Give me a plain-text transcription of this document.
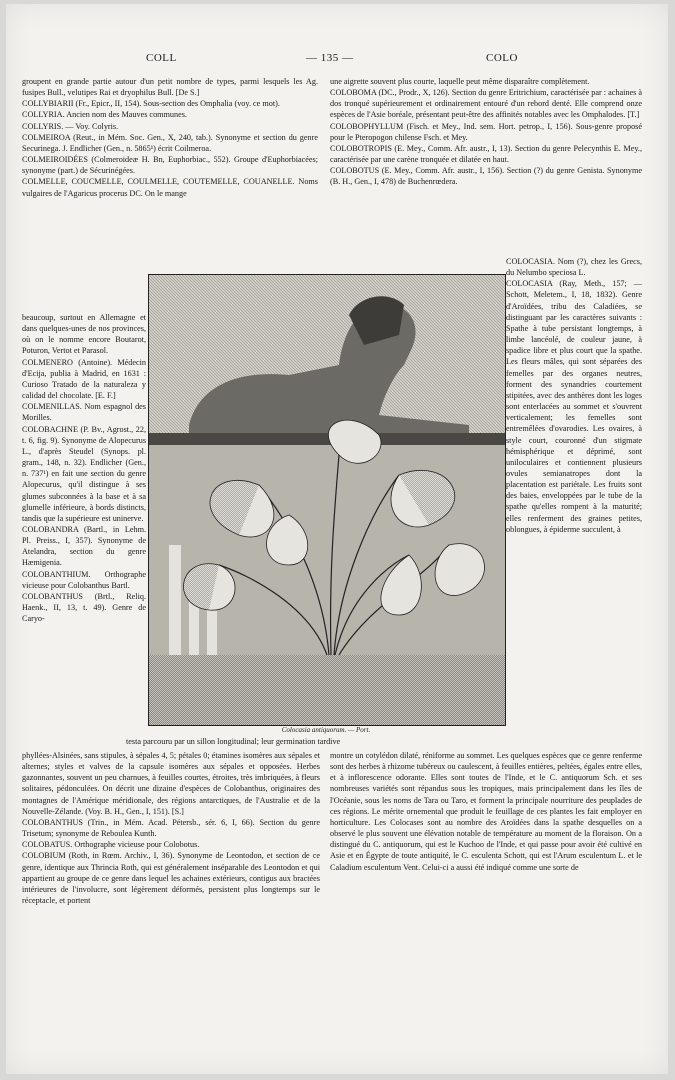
COLL	— 135 —	COLO

groupent en grande partie autour d'un petit nombre de types, parmi lesquels les Ag. fusipes Bull., velutipes Rai et dryophilus Bull. [De S.]

COLLYBIARII (Fr., Epicr., II, 154). Sous-section des Omphalia (voy. ce mot).

COLLYRIA. Ancien nom des Mauves communes.

COLLYRIS. — Voy. Colyris.

COLMEIROA (Reut., in Mém. Soc. Gen., X, 240, tab.). Synonyme et section du genre Securinega. J. Endlicher (Gen., n. 5865¹) écrit Coilmeroa.

COLMEIROIDÉES (Colmeroideæ H. Bn, Euphorbiac., 552). Groupe d'Euphorbiacées; synonyme (part.) de Sécurinégées.

COLMELLE, COUCMELLE, COULMELLE, COUTEMELLE, COUANELLE. Noms vulgaires de l'Agaricus procerus DC. On le mange

beaucoup, surtout en Allemagne et dans quelques-unes de nos provinces, où on le nomme encore Boutarot, Poturon, Vertot et Parasol.

COLMENERO (Antoine). Médecin d'Ecija, publia à Madrid, en 1631 : Curioso Tratado de la naturaleza y calidad del chocolate. [E. F.]

COLMENILLAS. Nom espagnol des Morilles.

COLOBACHNE (P. Bv., Agrost., 22, t. 6, fig. 9). Synonyme de Alopecurus L., d'après Steudel (Synops. pl. gram., 148, n. 32). Endlicher (Gen., n. 737¹) en fait une section du genre Alopecurus, qu'il distingue à ses glumes subconnées à la base et à sa glumelle inférieure, à bords distincts, tandis que la supérieure est uninerve.

COLOBANDRA (Bartl., in Lehm. Pl. Preiss., I, 357). Synonyme de Atelandra, section du genre Hæmigenia.

COLOBANTHIUM. Orthographe vicieuse pour Colobanthus Bartl.

COLOBANTHUS (Brtl., Reliq. Haenk., II, 13, t. 49). Genre de Caryo-

une aigrette souvent plus courte, laquelle peut même disparaître complètement.

COLOBOMA (DC., Prodr., X, 126). Section du genre Eritrichium, caractérisée par : achaines à dos tronqué supérieurement et ordinairement entouré d'un rebord denté. Elle comprend onze espèces de l'Asie boréale, présentant peut-être des affinités notables avec les Omphalodes. [T.]

COLOBOPHYLLUM (Fisch. et Mey., Ind. sem. Hort. petrop., I, 156). Sous-genre proposé pour le Pteropogon chilense Fsch. et Mey.

COLOBOTROPIS (E. Mey., Comm. Afr. austr., I, 13). Section du genre Pelecynthis E. Mey., caractérisée par une carène tronquée et dilatée en haut.

COLOBOTUS (E. Mey., Comm. Afr. austr., I, 156). Section (?) du genre Genista. Synonyme (B. H., Gen., I, 478) de Buchenrœdera.

COLOCASIA. Nom (?), chez les Grecs, du Nelumbo speciosa L.

COLOCASIA (Ray, Meth., 157; — Schott, Meletem., I, 18, 1832). Genre d'Aroïdées, tribu des Caladiées, se distinguant par les caractères suivants : Spathe à tube persistant longtemps, à limbe lancéolé, de couleur jaune, à spadice libre et plus court que la spathe. Les fleurs mâles, qui sont séparées des femelles par des organes neutres, forment des synandries courtement stipitées, avec des anthères dont les loges sont enterlacées au sommet et s'ouvrent verticalement; les femelles sont entremêlées d'ovarodies. Les ovaires, à style court, couronné d'un stigmate hémisphérique et déprimé, sont uniloculaires et contiennent plusieurs ovules semianatropes dont la placentation est pariétale. Les fruits sont des baies, enveloppées par le tube de la spathe qu'elles rompent à la maturité; elles renferment des graines petites, oblongues, à épiderme succulent, à

Colocasia antiquorum. — Port.

testa parcouru par un sillon longitudinal; leur germination tardive

phyllées-Alsinées, sans stipules, à sépales 4, 5; pétales 0; étamines isomères aux sépales et alternes; styles et valves de la capsule isomères aux sépales et opposées. Herbes gazonnantes, souvent un peu charnues, à feuilles courtes, étroites, très imbriquées, à fleurs solitaires, pédonculées. On décrit une dizaine d'espèces de Colobanthus, originaires des montagnes de l'Amérique méridionale, des régions antarctiques, de l'Australie et de la Nouvelle-Zélande. (Voy. B. H., Gen., I, 151). [S.]

COLOBANTHUS (Trin., in Mém. Acad. Pétersb., sér. 6, I, 66). Section du genre Trisetum; synonyme de Reboulea Kunth.

COLOBATUS. Orthographe vicieuse pour Colobotus.

COLOBIUM (Roth, in Rœm. Archiv., I, 36). Synonyme de Leontodon, et section de ce genre, identique aux Thrincia Roth, qui est généralement inséparable des Leontodon et qui appartient au groupe de ce genre dans lequel les achaines extérieurs, contigus aux bractées intérieures de l'involucre, sont légèrement déformés, persistent plus longtemps sur le réceptacle, et portent

montre un cotylédon dilaté, réniforme au sommet. Les quelques espèces que ce genre renferme sont des herbes à rhizome tubéreux ou caulescent, à feuilles entières, peltées, égales entre elles, et à inflorescence odorante. Elles sont toutes de l'Inde, et le C. antiquorum Sch. et ses nombreuses variétés sont répandus sous les tropiques, mais principalement dans les îles de l'Océanie, sous les noms de Tara ou Taro, et forment la principale nourriture des peuplades de ces régions. Le mérite ornemental que produit le feuillage de ces plantes les fait employer en horticulture. Les Colocases sont au nombre des Aroïdées dans la spathe desquelles on a observé le plus souvent une élévation notable de température au moment de la floraison. On a distingué du C. antiquorum, qui est le Kuchoo de l'Inde, et qui passe pour avoir été cultivé en Asie et en Égypte de toute antiquité, le C. esculenta Schott, qui est l'Arum esculentum L. et le Caladium esculentum Vent. Celui-ci a aussi été indiqué comme une sorte de
